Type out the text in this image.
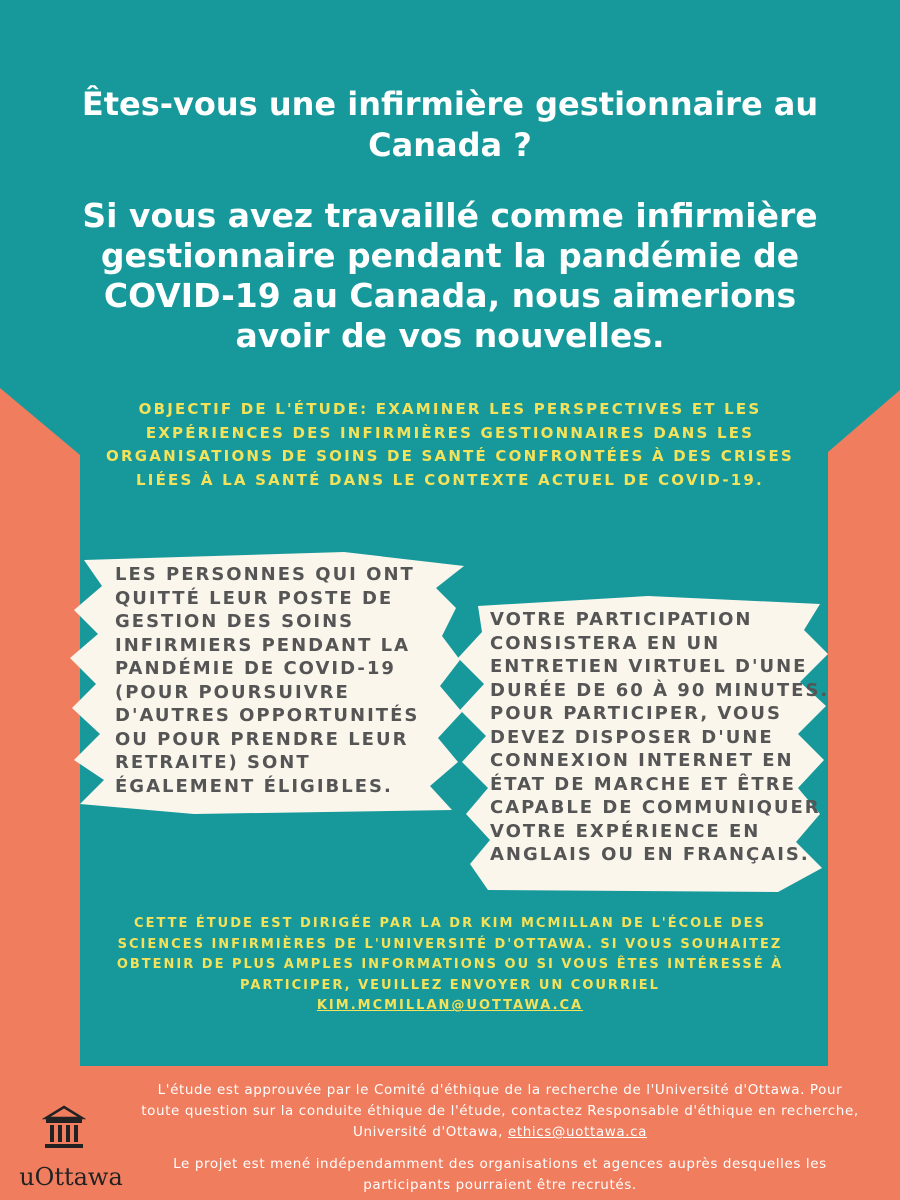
Êtes-vous une infirmière gestionnaire au Canada ?
Si vous avez travaillé comme infirmière gestionnaire pendant la pandémie de COVID-19 au Canada, nous aimerions avoir de vos nouvelles.
OBJECTIF DE L'ÉTUDE: EXAMINER LES PERSPECTIVES ET LES EXPÉRIENCES DES INFIRMIÈRES GESTIONNAIRES DANS LES ORGANISATIONS DE SOINS DE SANTÉ CONFRONTÉES À DES CRISES LIÉES À LA SANTÉ DANS LE CONTEXTE ACTUEL DE COVID-19.
LES PERSONNES QUI ONT QUITTÉ LEUR POSTE DE GESTION DES SOINS INFIRMIERS PENDANT LA PANDÉMIE DE COVID-19 (POUR POURSUIVRE D'AUTRES OPPORTUNITÉS OU POUR PRENDRE LEUR RETRAITE) SONT ÉGALEMENT ÉLIGIBLES.
VOTRE PARTICIPATION CONSISTERA EN UN ENTRETIEN VIRTUEL D'UNE DURÉE DE 60 À 90 MINUTES. POUR PARTICIPER, VOUS DEVEZ DISPOSER D'UNE CONNEXION INTERNET EN ÉTAT DE MARCHE ET ÊTRE CAPABLE DE COMMUNIQUER VOTRE EXPÉRIENCE EN ANGLAIS OU EN FRANÇAIS.
CETTE ÉTUDE EST DIRIGÉE PAR LA DR KIM MCMILLAN DE L'ÉCOLE DES SCIENCES INFIRMIÈRES DE L'UNIVERSITÉ D'OTTAWA. SI VOUS SOUHAITEZ OBTENIR DE PLUS AMPLES INFORMATIONS OU SI VOUS ÊTES INTÉRESSÉ À PARTICIPER, VEUILLEZ ENVOYER UN COURRIEL
KIM.MCMILLAN@UOTTAWA.CA
L'étude est approuvée par le Comité d'éthique de la recherche de l'Université d'Ottawa. Pour toute question sur la conduite éthique de l'étude, contactez Responsable d'éthique en recherche, Université d'Ottawa, ethics@uottawa.ca
Le projet est mené indépendamment des organisations et agences auprès desquelles les participants pourraient être recrutés.
uOttawa
